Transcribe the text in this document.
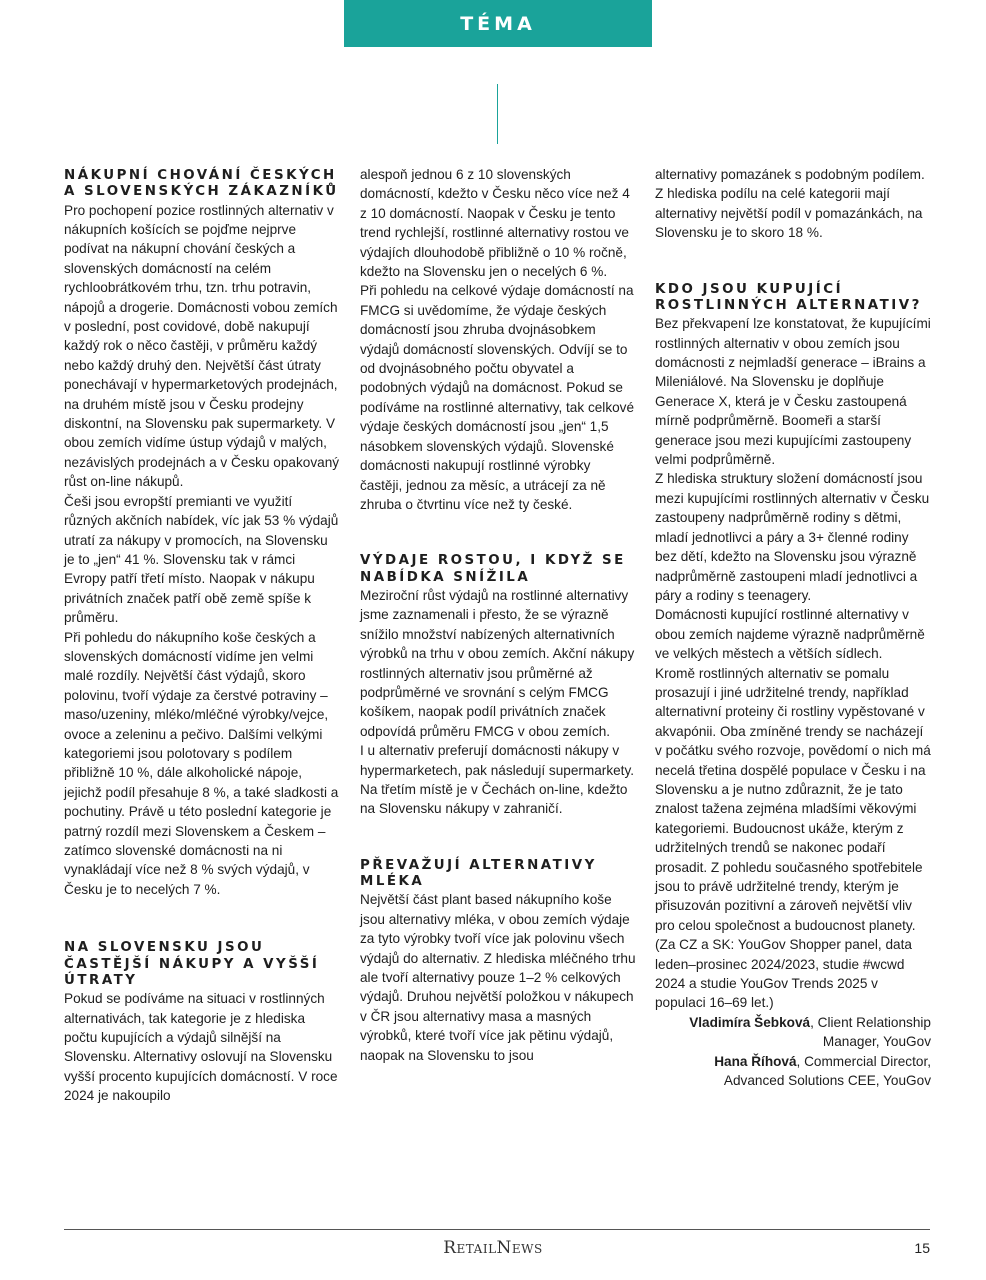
TÉMA
NÁKUPNÍ CHOVÁNÍ ČESKÝCH A SLOVENSKÝCH ZÁKAZNÍKŮ

Pro pochopení pozice rostlinných alternativ v nákupních košících se pojďme nejprve podívat na nákupní chování českých a slovenských domácností na celém rychloobrátkovém trhu, tzn. trhu potravin, nápojů a drogerie. Domácnosti vobou zemích v poslední, post covidové, době nakupují každý rok o něco častěji, v průměru každý nebo každý druhý den. Největší část útraty ponechávají v hypermarketových prodejnách, na druhém místě jsou v Česku prodejny diskontní, na Slovensku pak supermarkety. V obou zemích vidíme ústup výdajů v malých, nezávislých prodejnách a v Česku opakovaný růst on-line nákupů.

Češi jsou evropští premianti ve využití různých akčních nabídek, víc jak 53 % výdajů utratí za nákupy v promocích, na Slovensku je to „jen“ 41 %. Slovensku tak v rámci Evropy patří třetí místo. Naopak v nákupu privátních značek patří obě země spíše k průměru.

Při pohledu do nákupního koše českých a slovenských domácností vidíme jen velmi malé rozdíly. Největší část výdajů, skoro polovinu, tvoří výdaje za čerstvé potraviny – maso/uzeniny, mléko/mléčné výrobky/vejce, ovoce a zeleninu a pečivo. Dalšími velkými kategoriemi jsou polotovary s podílem přibližně 10 %, dále alkoholické nápoje, jejichž podíl přesahuje 8 %, a také sladkosti a pochutiny. Právě u této poslední kategorie je patrný rozdíl mezi Slovenskem a Českem – zatímco slovenské domácnosti na ni vynakládají více než 8 % svých výdajů, v Česku je to necelých 7 %.

NA SLOVENSKU JSOU ČASTĚJŠÍ NÁKUPY A VYŠŠÍ ÚTRATY

Pokud se podíváme na situaci v rostlinných alternativách, tak kategorie je z hlediska počtu kupujících a výdajů silnější na Slovensku. Alternativy oslovují na Slovensku vyšší procento kupujících domácností. V roce 2024 je nakoupilo

alespoň jednou 6 z 10 slovenských domácností, kdežto v Česku něco více než 4 z 10 domácností. Naopak v Česku je tento trend rychlejší, rostlinné alternativy rostou ve výdajích dlouhodobě přibližně o 10 % ročně, kdežto na Slovensku jen o necelých 6 %.

Při pohledu na celkové výdaje domácností na FMCG si uvědomíme, že výdaje českých domácností jsou zhruba dvojnásobkem výdajů domácností slovenských. Odvíjí se to od dvojnásobného počtu obyvatel a podobných výdajů na domácnost. Pokud se podíváme na rostlinné alternativy, tak celkové výdaje českých domácností jsou „jen“ 1,5 násobkem slovenských výdajů. Slovenské domácnosti nakupují rostlinné výrobky častěji, jednou za měsíc, a utrácejí za ně zhruba o čtvrtinu více než ty české.

VÝDAJE ROSTOU, I KDYŽ SE NABÍDKA SNÍŽILA

Meziroční růst výdajů na rostlinné alternativy jsme zaznamenali i přesto, že se výrazně snížilo množství nabízených alternativních výrobků na trhu v obou zemích. Akční nákupy rostlinných alternativ jsou průměrné až podprůměrné ve srovnání s celým FMCG košíkem, naopak podíl privátních značek odpovídá průměru FMCG v obou zemích.

I u alternativ preferují domácnosti nákupy v hypermarketech, pak následují supermarkety. Na třetím místě je v Čechách on-line, kdežto na Slovensku nákupy v zahraničí.

PŘEVAŽUJÍ ALTERNATIVY MLÉKA

Největší část plant based nákupního koše jsou alternativy mléka, v obou zemích výdaje za tyto výrobky tvoří více jak polovinu všech výdajů do alternativ. Z hlediska mléčného trhu ale tvoří alternativy pouze 1–2 % celkových výdajů. Druhou největší položkou v nákupech v ČR jsou alternativy masa a masných výrobků, které tvoří více jak pětinu výdajů, naopak na Slovensku to jsou

alternativy pomazánek s podobným podílem. Z hlediska podílu na celé kategorii mají alternativy největší podíl v pomazánkách, na Slovensku je to skoro 18 %.

KDO JSOU KUPUJÍCÍ ROSTLINNÝCH ALTERNATIV?

Bez překvapení lze konstatovat, že kupujícími rostlinných alternativ v obou zemích jsou domácnosti z nejmladší generace – iBrains a Mileniálové. Na Slovensku je doplňuje Generace X, která je v Česku zastoupená mírně podprůměrně. Boomeři a starší generace jsou mezi kupujícími zastoupeny velmi podprůměrně.

Z hlediska struktury složení domácností jsou mezi kupujícími rostlinných alternativ v Česku zastoupeny nadprůměrně rodiny s dětmi, mladí jednotlivci a páry a 3+ členné rodiny bez dětí, kdežto na Slovensku jsou výrazně nadprůměrně zastoupeni mladí jednotlivci a páry a rodiny s teenagery.

Domácnosti kupující rostlinné alternativy v obou zemích najdeme výrazně nadprůměrně ve velkých městech a větších sídlech.

Kromě rostlinných alternativ se pomalu prosazují i jiné udržitelné trendy, například alternativní proteiny či rostliny vypěstované v akvapónii. Oba zmíněné trendy se nacházejí v počátku svého rozvoje, povědomí o nich má necelá třetina dospělé populace v Česku i na Slovensku a je nutno zdůraznit, že je tato znalost tažena zejména mladšími věkovými kategoriemi. Budoucnost ukáže, kterým z udržitelných trendů se nakonec podaří prosadit. Z pohledu současného spotřebitele jsou to právě udržitelné trendy, kterým je přisuzován pozitivní a zároveň největší vliv pro celou společnost a budoucnost planety.

(Za CZ a SK: YouGov Shopper panel, data leden–prosinec 2024/2023, studie #wcwd 2024 a studie YouGov Trends 2025 v populaci 16–69 let.)

Vladimíra Šebková, Client Relationship Manager, YouGov

Hana Říhová, Commercial Director, Advanced Solutions CEE, YouGov

RetailNews	15
